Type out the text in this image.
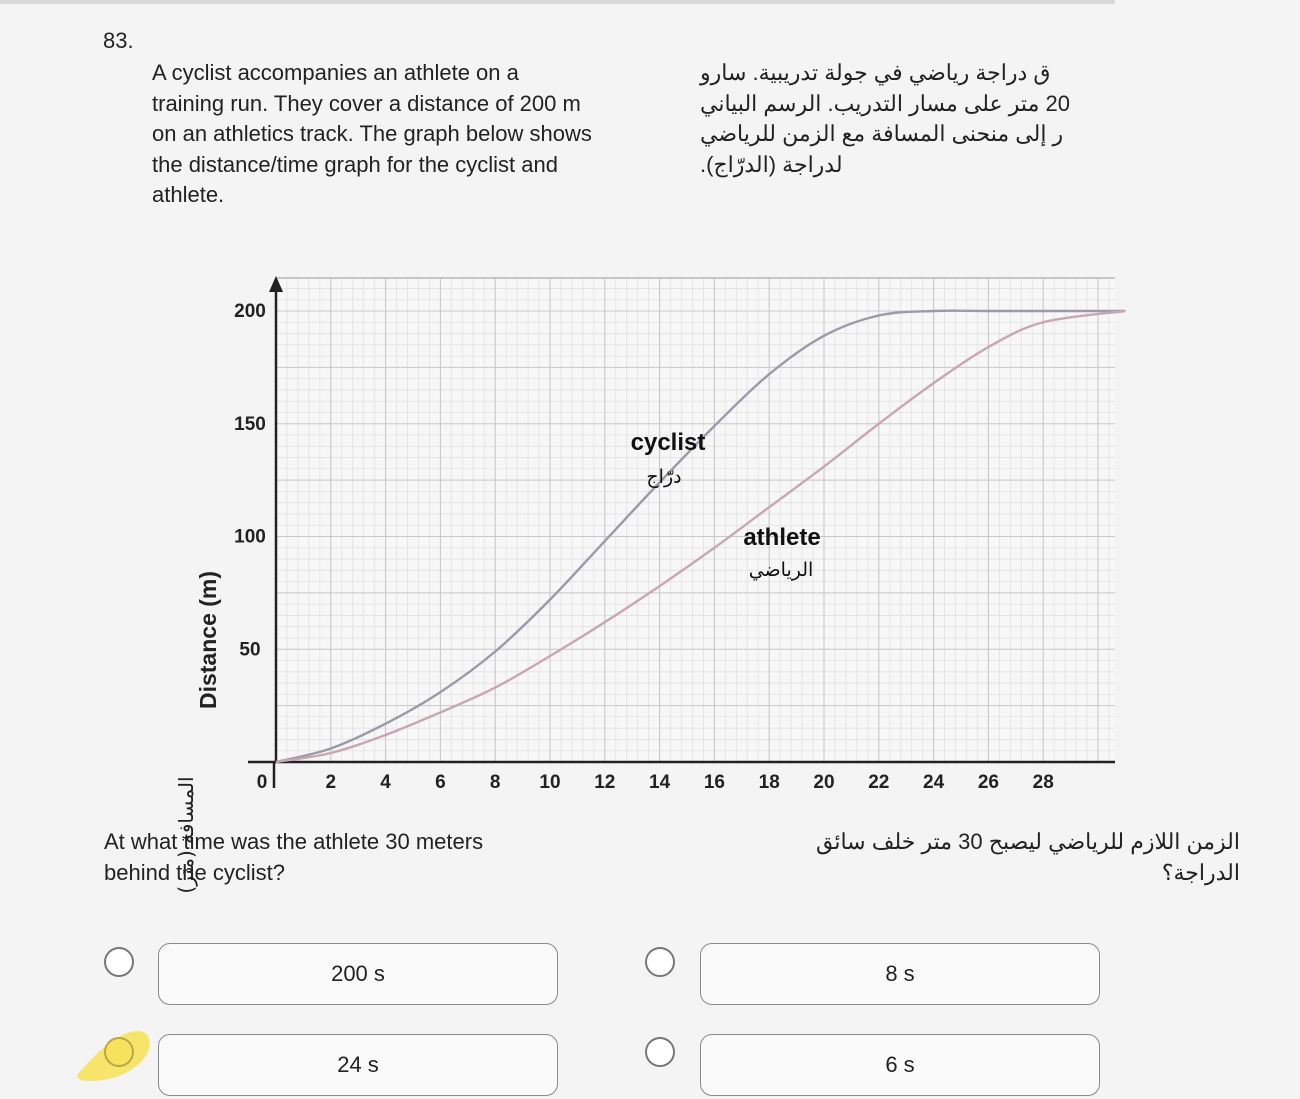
83.
A cyclist accompanies an athlete on a
training run. They cover a distance of 200 m
on an athletics track. The graph below shows
the distance/time graph for the cyclist and
athlete.
ق دراجة رياضي في جولة تدريبية. سارو
20 متر على مسار التدريب. الرسم البياني
ر إلى منحنى المسافة مع الزمن للرياضي
لدراجة (الدرّاج).
50
100
150
200
0	2 4 6 8 10 12 14 16 18 20 22 24 26 28
Distance (m)
المسافة (متر)
cyclist
درّاج
athlete
الرياضي
At what time was the athlete 30 meters
behind the cyclist?
الزمن اللازم للرياضي ليصبح 30 متر خلف سائق
الدراجة؟
200 s	8 s
24 s	6 s
